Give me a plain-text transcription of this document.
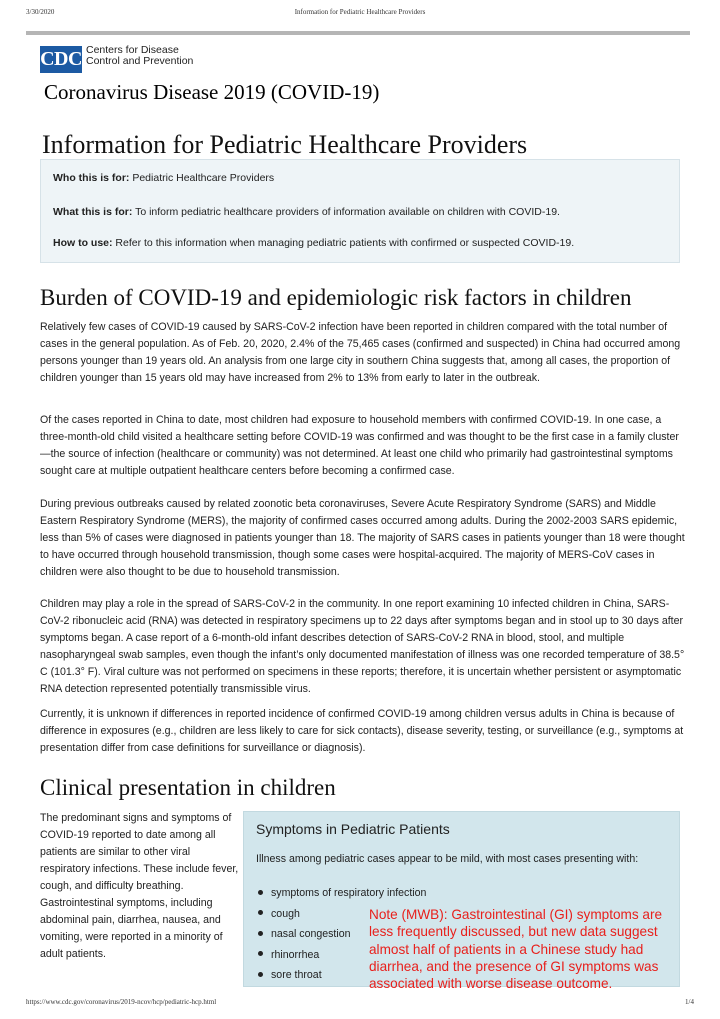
3/30/2020	Information for Pediatric Healthcare Providers
CDC Centers for Disease
Control and Prevention
Coronavirus Disease 2019 (COVID-19)
Information for Pediatric Healthcare Providers
Who this is for: Pediatric Healthcare Providers
What this is for: To inform pediatric healthcare providers of information available on children with COVID-19.
How to use: Refer to this information when managing pediatric patients with confirmed or suspected COVID-19.
Burden of COVID-19 and epidemiologic risk factors in children

Relatively few cases of COVID-19 caused by SARS-CoV-2 infection have been reported in children compared with the total number of cases in the general population. As of Feb. 20, 2020, 2.4% of the 75,465 cases (confirmed and suspected) in China had occurred among persons younger than 19 years old. An analysis from one large city in southern China suggests that, among all cases, the proportion of children younger than 15 years old may have increased from 2% to 13% from early to later in the outbreak.

Of the cases reported in China to date, most children had exposure to household members with confirmed COVID-19. In one case, a three-month-old child visited a healthcare setting before COVID-19 was confirmed and was thought to be the first case in a family cluster—the source of infection (healthcare or community) was not determined. At least one child who primarily had gastrointestinal symptoms sought care at multiple outpatient healthcare centers before becoming a confirmed case.

During previous outbreaks caused by related zoonotic beta coronaviruses, Severe Acute Respiratory Syndrome (SARS) and Middle Eastern Respiratory Syndrome (MERS), the majority of confirmed cases occurred among adults. During the 2002-2003 SARS epidemic, less than 5% of cases were diagnosed in patients younger than 18. The majority of SARS cases in patients younger than 18 were thought to have occurred through household transmission, though some cases were hospital-acquired. The majority of MERS-CoV cases in children were also thought to be due to household transmission.

Children may play a role in the spread of SARS-CoV-2 in the community. In one report examining 10 infected children in China, SARS-CoV-2 ribonucleic acid (RNA) was detected in respiratory specimens up to 22 days after symptoms began and in stool up to 30 days after symptoms began. A case report of a 6-month-old infant describes detection of SARS-CoV-2 RNA in blood, stool, and multiple nasopharyngeal swab samples, even though the infant’s only documented manifestation of illness was one recorded temperature of 38.5° C (101.3° F). Viral culture was not performed on specimens in these reports; therefore, it is uncertain whether persistent or asymptomatic RNA detection represented potentially transmissible virus.

Currently, it is unknown if differences in reported incidence of confirmed COVID-19 among children versus adults in China is because of difference in exposures (e.g., children are less likely to care for sick contacts), disease severity, testing, or surveillance (e.g., symptoms at presentation differ from case definitions for surveillance or diagnosis).

Clinical presentation in children

The predominant signs and symptoms of COVID-19 reported to date among all patients are similar to other viral respiratory infections. These include fever, cough, and difficulty breathing. Gastrointestinal symptoms, including abdominal pain, diarrhea, nausea, and vomiting, were reported in a minority of adult patients.

Symptoms in Pediatric Patients
Illness among pediatric cases appear to be mild, with most cases presenting with:
symptoms of respiratory infection
cough
nasal congestion
rhinorrhea
sore throat

Note (MWB): Gastrointestinal (GI) symptoms are less frequently discussed, but new data suggest almost half of patients in a Chinese study had diarrhea, and the presence of GI symptoms was associated with worse disease outcome.

https://www.cdc.gov/coronavirus/2019-ncov/hcp/pediatric-hcp.html	1/4
